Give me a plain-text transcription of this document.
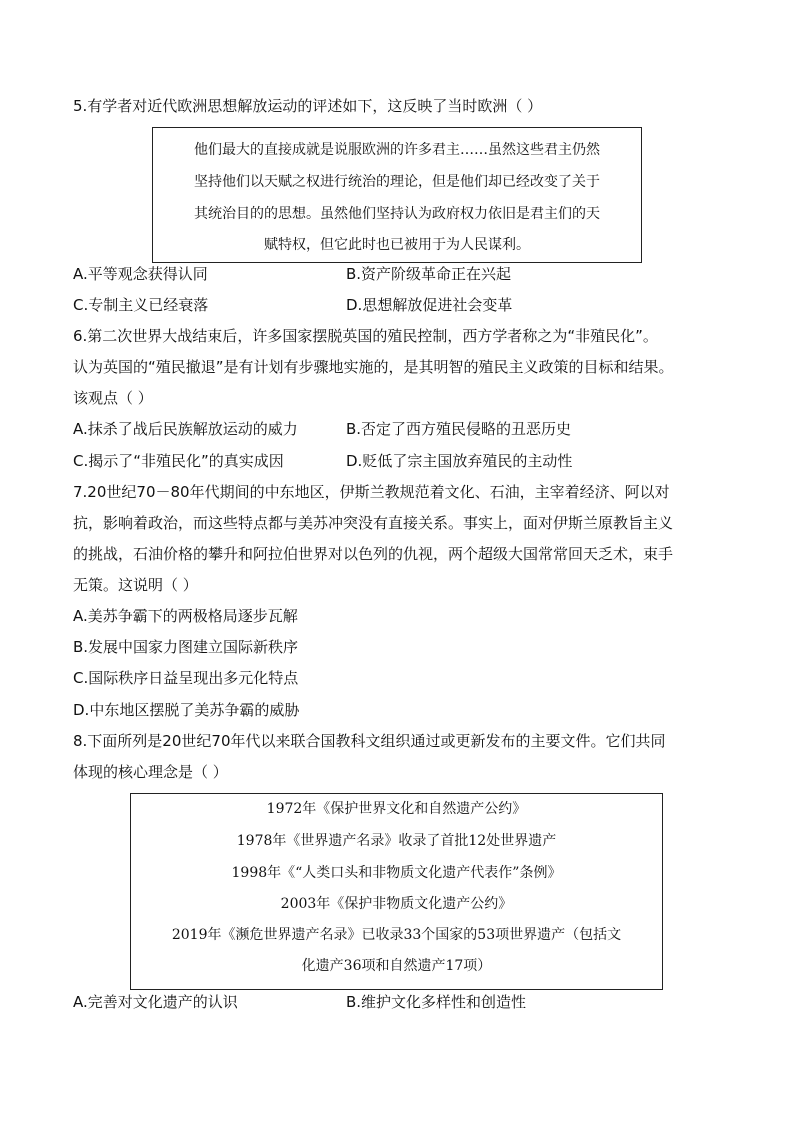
5.有学者对近代欧洲思想解放运动的评述如下，这反映了当时欧洲（ ）
他们最大的直接成就是说服欧洲的许多君主……虽然这些君主仍然
坚持他们以天赋之权进行统治的理论，但是他们却已经改变了关于
其统治目的的思想。虽然他们坚持认为政府权力依旧是君主们的天
赋特权，但它此时也已被用于为人民谋利。
A.平等观念获得认同	B.资产阶级革命正在兴起
C.专制主义已经衰落	D.思想解放促进社会变革
6.第二次世界大战结束后，许多国家摆脱英国的殖民控制，西方学者称之为“非殖民化”。
认为英国的“殖民撤退”是有计划有步骤地实施的，是其明智的殖民主义政策的目标和结果。
该观点（ ）
A.抹杀了战后民族解放运动的威力	B.否定了西方殖民侵略的丑恶历史
C.揭示了“非殖民化”的真实成因	D.贬低了宗主国放弃殖民的主动性
7.20世纪70－80年代期间的中东地区，伊斯兰教规范着文化、石油，主宰着经济、阿以对
抗，影响着政治，而这些特点都与美苏冲突没有直接关系。事实上，面对伊斯兰原教旨主义
的挑战，石油价格的攀升和阿拉伯世界对以色列的仇视，两个超级大国常常回天乏术，束手
无策。这说明（ ）
A.美苏争霸下的两极格局逐步瓦解
B.发展中国家力图建立国际新秩序
C.国际秩序日益呈现出多元化特点
D.中东地区摆脱了美苏争霸的威胁
8.下面所列是20世纪70年代以来联合国教科文组织通过或更新发布的主要文件。它们共同
体现的核心理念是（ ）
1972年《保护世界文化和自然遗产公约》
1978年《世界遗产名录》收录了首批12处世界遗产
1998年《“人类口头和非物质文化遗产代表作”条例》
2003年《保护非物质文化遗产公约》
2019年《濒危世界遗产名录》已收录33个国家的53项世界遗产（包括文
化遗产36项和自然遗产17项）
A.完善对文化遗产的认识	B.维护文化多样性和创造性
